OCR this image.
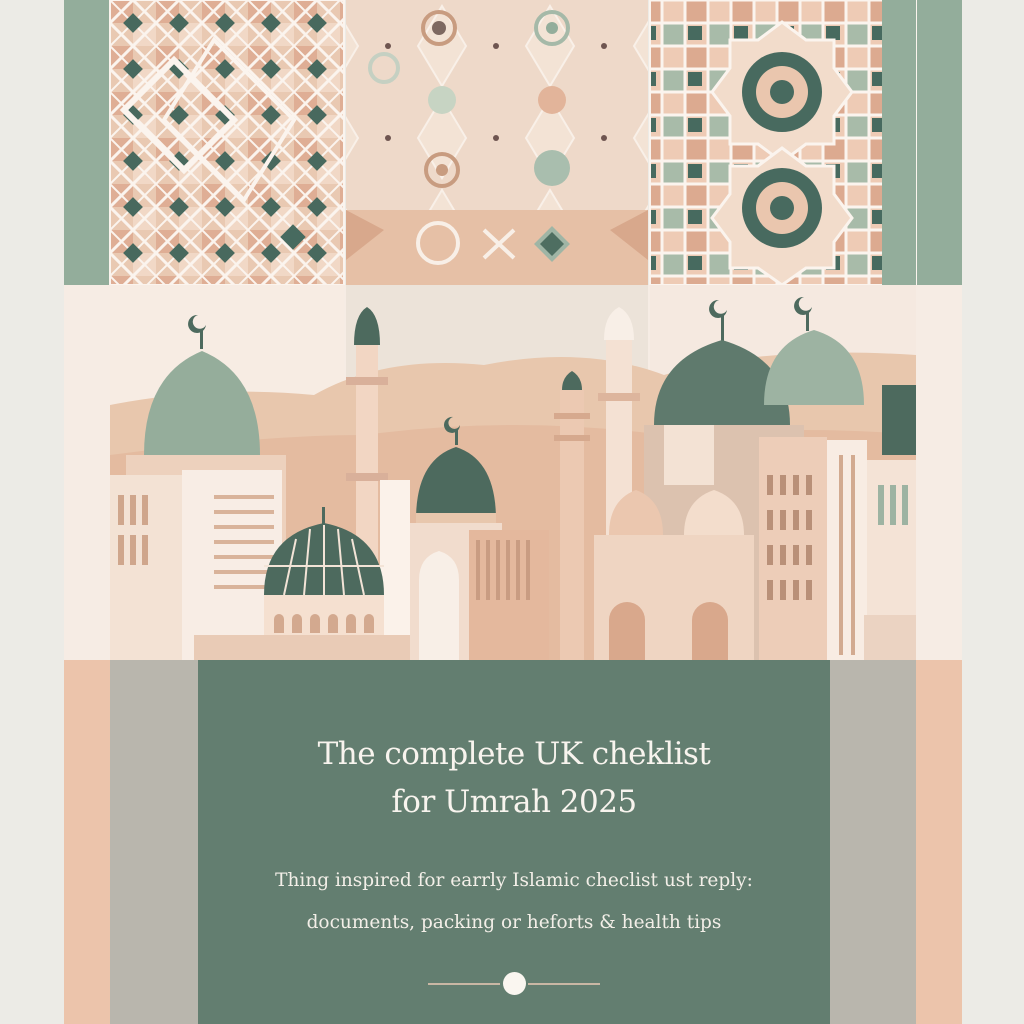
The complete UK cheklist
for Umrah 2025
Thing inspired for earrly Islamic checlist ust reply:
documents, packing or heforts & health tips
